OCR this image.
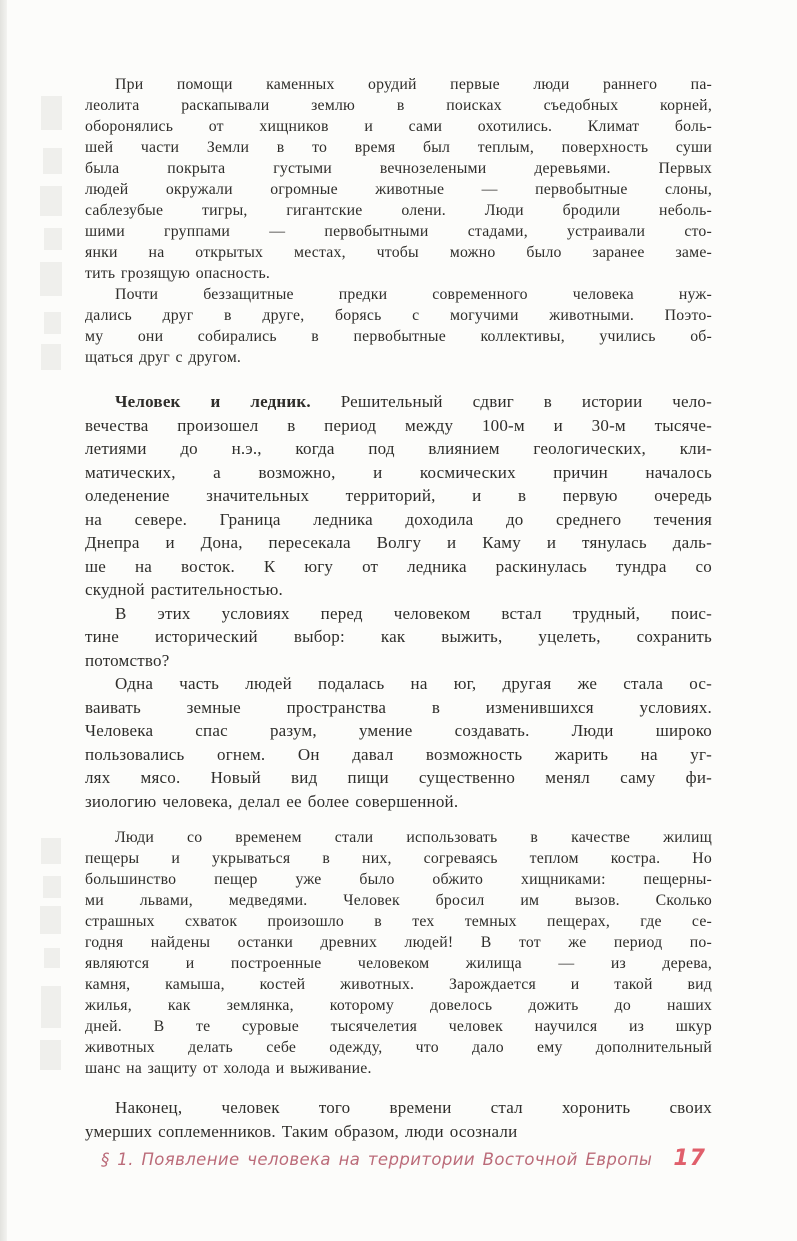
При помощи каменных орудий первые люди раннего па-
леолита раскапывали землю в поисках съедобных корней,
оборонялись от хищников и сами охотились. Климат боль-
шей части Земли в то время был теплым, поверхность суши
была покрыта густыми вечнозелеными деревьями. Первых
людей окружали огромные животные — первобытные слоны,
саблезубые тигры, гигантские олени. Люди бродили неболь-
шими группами — первобытными стадами, устраивали сто-
янки на открытых местах, чтобы можно было заранее заме-
тить грозящую опасность.
Почти беззащитные предки современного человека нуж-
дались друг в друге, борясь с могучими животными. Поэто-
му они собирались в первобытные коллективы, учились об-
щаться друг с другом.
Человек и ледник. Решительный сдвиг в истории чело-
вечества произошел в период между 100-м и 30-м тысяче-
летиями до н.э., когда под влиянием геологических, кли-
матических, а возможно, и космических причин началось
оледенение значительных территорий, и в первую очередь
на севере. Граница ледника доходила до среднего течения
Днепра и Дона, пересекала Волгу и Каму и тянулась даль-
ше на восток. К югу от ледника раскинулась тундра со
скудной растительностью.
В этих условиях перед человеком встал трудный, поис-
тине исторический выбор: как выжить, уцелеть, сохранить
потомство?
Одна часть людей подалась на юг, другая же стала ос-
ваивать земные пространства в изменившихся условиях.
Человека спас разум, умение создавать. Люди широко
пользовались огнем. Он давал возможность жарить на уг-
лях мясо. Новый вид пищи существенно менял саму фи-
зиологию человека, делал ее более совершенной.
Люди со временем стали использовать в качестве жилищ
пещеры и укрываться в них, согреваясь теплом костра. Но
большинство пещер уже было обжито хищниками: пещерны-
ми львами, медведями. Человек бросил им вызов. Сколько
страшных схваток произошло в тех темных пещерах, где се-
годня найдены останки древних людей! В тот же период по-
являются и построенные человеком жилища — из дерева,
камня, камыша, костей животных. Зарождается и такой вид
жилья, как землянка, которому довелось дожить до наших
дней. В те суровые тысячелетия человек научился из шкур
животных делать себе одежду, что дало ему дополнительный
шанс на защиту от холода и выживание.
Наконец, человек того времени стал хоронить своих
умерших соплеменников. Таким образом, люди осознали
§ 1. Появление человека на территории Восточной Европы 17
